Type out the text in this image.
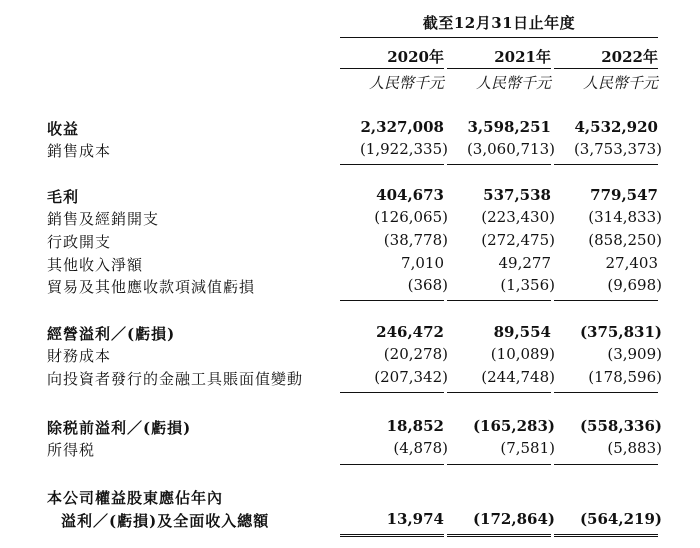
截至12月31日止年度
2020年	2021年	2022年
人民幣千元	人民幣千元	人民幣千元
收益	2,327,008	3,598,251	4,532,920
銷售成本	(1,922,335)	(3,060,713)	(3,753,373)
毛利	404,673	537,538	779,547
銷售及經銷開支	(126,065)	(223,430)	(314,833)
行政開支	(38,778)	(272,475)	(858,250)
其他收入淨額	7,010	49,277	27,403
貿易及其他應收款項減值虧損	(368)	(1,356)	(9,698)
經營溢利／(虧損)	246,472	89,554	(375,831)
財務成本	(20,278)	(10,089)	(3,909)
向投資者發行的金融工具賬面值變動	(207,342)	(244,748)	(178,596)
除税前溢利／(虧損)	18,852	(165,283)	(558,336)
所得税	(4,878)	(7,581)	(5,883)
本公司權益股東應佔年內
溢利／(虧損)及全面收入總額	13,974	(172,864)	(564,219)
